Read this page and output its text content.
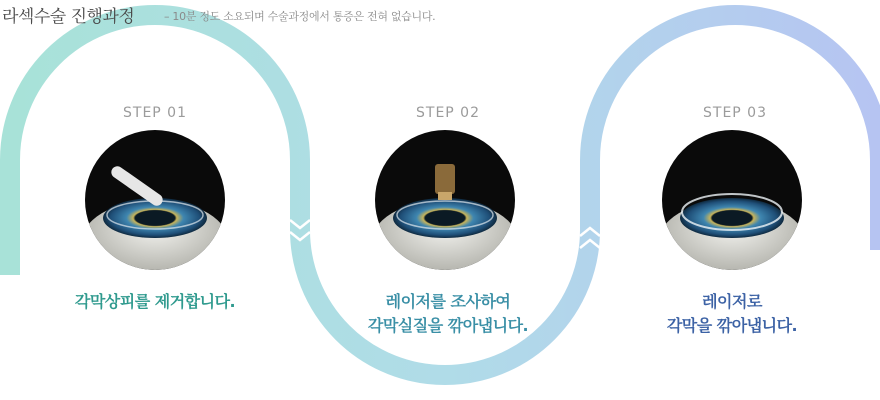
라섹수술 진행과정	– 10분 정도 소요되며 수술과정에서 통증은 전혀 없습니다.
STEP 01
각막상피를 제거합니다.
STEP 02
레이저를 조사하여
각막실질을 깎아냅니다.
STEP 03
레이저로
각막을 깎아냅니다.
